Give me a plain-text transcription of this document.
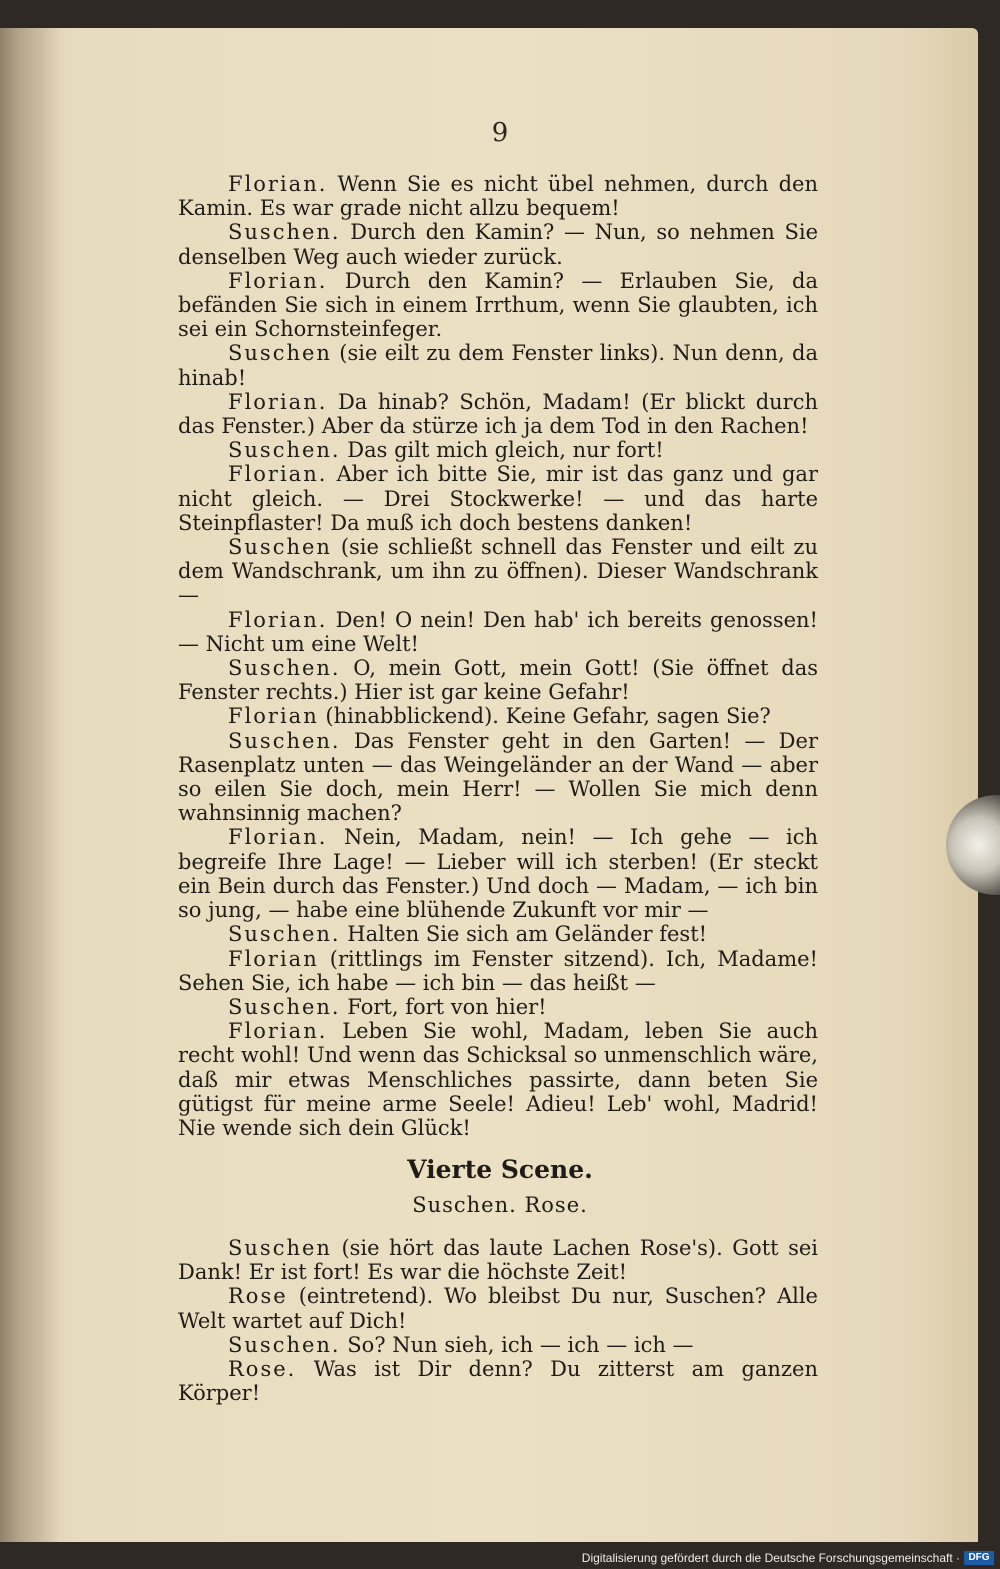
9

Florian. Wenn Sie es nicht übel nehmen, durch den Kamin. Es war grade nicht allzu bequem!

Suschen. Durch den Kamin? — Nun, so nehmen Sie denselben Weg auch wieder zurück.

Florian. Durch den Kamin? — Erlauben Sie, da befänden Sie sich in einem Irrthum, wenn Sie glaubten, ich sei ein Schornsteinfeger.

Suschen (sie eilt zu dem Fenster links). Nun denn, da hinab!

Florian. Da hinab? Schön, Madam! (Er blickt durch das Fenster.) Aber da stürze ich ja dem Tod in den Rachen!

Suschen. Das gilt mich gleich, nur fort!

Florian. Aber ich bitte Sie, mir ist das ganz und gar nicht gleich. — Drei Stockwerke! — und das harte Steinpflaster! Da muß ich doch bestens danken!

Suschen (sie schließt schnell das Fenster und eilt zu dem Wandschrank, um ihn zu öffnen). Dieser Wandschrank —

Florian. Den! O nein! Den hab' ich bereits genossen! — Nicht um eine Welt!

Suschen. O, mein Gott, mein Gott! (Sie öffnet das Fenster rechts.) Hier ist gar keine Gefahr!

Florian (hinabblickend). Keine Gefahr, sagen Sie?

Suschen. Das Fenster geht in den Garten! — Der Rasenplatz unten — das Weingeländer an der Wand — aber so eilen Sie doch, mein Herr! — Wollen Sie mich denn wahnsinnig machen?

Florian. Nein, Madam, nein! — Ich gehe — ich begreife Ihre Lage! — Lieber will ich sterben! (Er steckt ein Bein durch das Fenster.) Und doch — Madam, — ich bin so jung, — habe eine blühende Zukunft vor mir —

Suschen. Halten Sie sich am Geländer fest!

Florian (rittlings im Fenster sitzend). Ich, Madame! Sehen Sie, ich habe — ich bin — das heißt —

Suschen. Fort, fort von hier!

Florian. Leben Sie wohl, Madam, leben Sie auch recht wohl! Und wenn das Schicksal so unmenschlich wäre, daß mir etwas Menschliches passirte, dann beten Sie gütigst für meine arme Seele! Adieu! Leb' wohl, Madrid! Nie wende sich dein Glück!

Vierte Scene.
Suschen. Rose.

Suschen (sie hört das laute Lachen Rose's). Gott sei Dank! Er ist fort! Es war die höchste Zeit!

Rose (eintretend). Wo bleibst Du nur, Suschen? Alle Welt wartet auf Dich!

Suschen. So? Nun sieh, ich — ich — ich —

Rose. Was ist Dir denn? Du zitterst am ganzen Körper!

Digitalisierung gefördert durch die Deutsche Forschungsgemeinschaft · DFG
